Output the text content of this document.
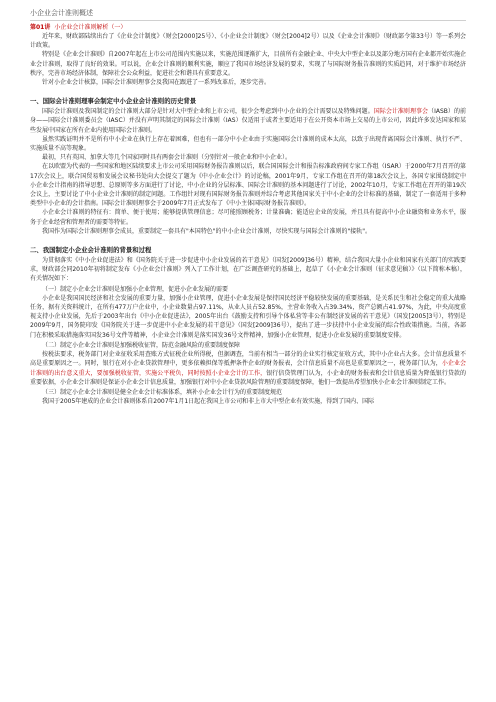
小企业会计准则概述
第01讲 小企业会计准则解析（一）

近年来，财政部陆续出台了《企业会计制度》（财会[2000]25号）、《小企业会计制度》（财会[2004]2号）以及《企业会计准则》（财政部令第33号）等一系列会计政策。

特别是《企业会计准则》自2007年起在上市公司范围内实施以来，实施范围逐渐扩大，目前所有金融企业、中央大中型企业以及部分地方国有企业都开始实施企业会计准则，取得了良好的效果。可以说，企业会计准则的顺利实施，顺应了我国市场经济发展的要求，实现了与国际财务报告准则的实质趋同，对于维护市场经济秩序，完善市场经济体制，保障社会公众利益，促进社会和谐具有重要意义。

针对小企业会计核算，国际会计准则理事会及我国在跟进了一系列改革后，逐步完善。

一、国际会计准则理事会制定中小企业会计准则的历史背景

国际会计准则及我国制定的会计准则大部分是针对大中型企业和上市公司，很少会考虑到中小企业的会计需要以及特殊问题。国际会计准则理事会（IASB）的前身——国际会计准则委员会（IASC）并没有声明其制定的国际会计准则（IAS）仅适用于或者主要适用于在公开资本市场上交易的上市公司，因此许多发达国家和某些发展中国家在所有企业内使用国际会计准则。

虽然实践证明并不是所有中小企业在执行上存在着困难，但也有一部分中小企业由于实施国际会计准则的成本太高，以致于出现背离国际会计准则、执行不严、实施质量不高等现象。

最初，只有英国、加拿大等几个国家同时具有两套会计准则（分别针对一般企业和中小企业）。

在以欧盟为代表的一些国家和地区陆续要求上市公司采用国际财务报告准则以后，联合国国际会计和报告标准政府间专家工作组（ISAR）于2000年7月召开的第17次会议上，联合国贸易和发展会议秘书处向大会提交了题为《中小企业会计》的讨论稿，2001年9月，专家工作组在召开的第18次会议上，各国专家围绕制定中小企业会计指南的指导思想、总原则等多方面进行了讨论，中小企业的分层标准、国际会计准则的基本问题进行了讨论，2002年10月，专家工作组在召开的第19次会议上，主要讨论了中小企业会计准则的制定问题。工作组针对现有国际财务报告准则并综合考虑其他国家关于中小企业的会计标准的基础，制定了一套适用于多种类型中小企业的会计指南。国际会计准则理事会于2009年7月正式发布了《中小主体国际财务报告准则》。

小企业会计准则的特征有：简单、便于使用；能够提供管理信息；尽可能照顾税务；计量准确；能适应企业的发展，并且具有提高中小企业融资和业务水平，服务于企业经营和管理者的需要等特征。

我国作为国际会计准则理事会成员，重要制定一套具有"本国特色"的中小企业会计准则，尽快实现与国际会计准则的"接轨"。

二、我国制定小企业会计准则的背景和过程

为贯彻落实《中小企业促进法》和《国务院关于进一步促进中小企业发展的若干意见》（国发[2009]36号）精神，结合我国大量小企业和国家有关部门的实践要求，财政部会同2010年初将制定发布《小企业会计准则》列入了工作计划，在广泛调查研究的基础上，起草了《小企业会计准则（征求意见稿）》（以下简称本稿），有关情况如下：

（一）制定小企业会计准则是加强小企业管理，促进小企业发展的需要

小企业是我国国民经济和社会发展的重要力量，加强小企业管理，促进小企业发展是保持国民经济平稳较快发展的重要基础，是关系民生和社会稳定的重大战略任务，据有关资料统计，在所有477万户企业中，小企业数量占97.11%，从业人员占52.85%，主营业务收入占39.34%，资产总额占41.97%，为此，中央高度重视支持小企业发展，先后于2003年出台《中小企业促进法》，2005年出台《鼓励支持和引导个体私营等非公有制经济发展的若干意见》（国发[2005]3号），特别是2009年9月，国务院印发《国务院关于进一步促进中小企业发展的若干意见》（国发[2009]36号），提出了进一步扶持中小企业发展的综合性政策措施。当前，各部门在积极采取措施落实国发36号文件等精神，小企业会计准则是落实国发36号文件精神，加强小企业管理，促进小企业发展的重要制度安排。

（二）制定小企业会计准则是加强税收征管，防范金融风险的重要制度保障

按税法要求，税务部门对企业征收采用查账方式征税企业所得税，但据调查，当前有相当一部分的企业实行核定征收方式，其中小企业占大多。会计信息质量不高是重要原因之一。同时，银行在对小企业贷款管理中，更多依赖担保等抵押条件企业的财务报表，会计信息质量不高也是重要原因之一，税务部门认为，小企业会计准则的出台意义重大，要加强税收征管，实施公平税负，同时按照小企业会计的工作，银行信贷管理门认为，小企业的财务报表和会计信息质量为降低银行贷款的重要依据，小企业会计准则是保证小企业会计信息质量，加强银行对中小企业贷款风险管理的重要制度保障，他们一致提出希望加快小企业会计准则制定工作。

（三）制定小企业会计准则是健全企业会计标准体系，填补小企业会计行为的重要制度规范

我国于2005年建成的企业会计准则体系自2007年1月1日起在我国上市公司和非上市大中型企业有效实施，得到了国内、国际
